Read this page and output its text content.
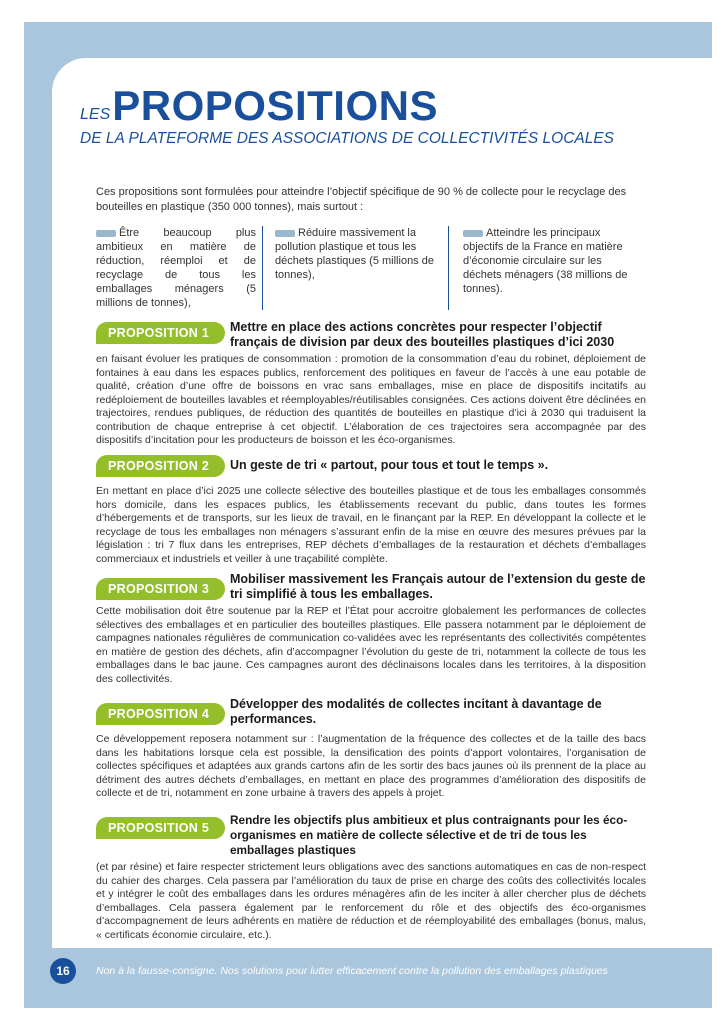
LES PROPOSITIONS
DE LA PLATEFORME DES ASSOCIATIONS DE COLLECTIVITÉS LOCALES

Ces propositions sont formulées pour atteindre l’objectif spécifique de 90 % de collecte pour le recyclage des bouteilles en plastique (350 000 tonnes), mais surtout :

Être beaucoup plus ambitieux en matière de réduction, réemploi et de recyclage de tous les emballages ménagers (5 millions de tonnes),
Réduire massivement la pollution plastique et tous les déchets plastiques (5 millions de tonnes),
Atteindre les principaux objectifs de la France en matière d’économie circulaire sur les déchets ménagers (38 millions de tonnes).
PROPOSITION 1	Mettre en place des actions concrètes pour respecter l’objectif français de division par deux des bouteilles plastiques d’ici 2030

en faisant évoluer les pratiques de consommation : promotion de la consommation d’eau du robinet, déploiement de fontaines à eau dans les espaces publics, renforcement des politiques en faveur de l’accès à une eau potable de qualité, création d’une offre de boissons en vrac sans emballages, mise en place de dispositifs incitatifs au redéploiement de bouteilles lavables et réemployables/réutilisables consignées. Ces actions doivent être déclinées en trajectoires, rendues publiques, de réduction des quantités de bouteilles en plastique d’ici à 2030 qui traduisent la contribution de chaque entreprise à cet objectif. L’élaboration de ces trajectoires sera accompagnée par des dispositifs d’incitation pour les producteurs de boisson et les éco-organismes.

PROPOSITION 2	Un geste de tri « partout, pour tous et tout le temps ».

En mettant en place d’ici 2025 une collecte sélective des bouteilles plastique et de tous les emballages consommés hors domicile, dans les espaces publics, les établissements recevant du public, dans toutes les formes d’hébergements et de transports, sur les lieux de travail, en le finançant par la REP. En développant la collecte et le recyclage de tous les emballages non ménagers s’assurant enfin de la mise en œuvre des mesures prévues par la législation : tri 7 flux dans les entreprises, REP déchets d’emballages de la restauration et déchets d’emballages commerciaux et industriels et veiller à une traçabilité complète.

PROPOSITION 3
Mobiliser massivement les Français autour de l’extension du geste de tri simplifié à tous les emballages.

Cette mobilisation doit être soutenue par la REP et l’État pour accroitre globalement les performances de collectes sélectives des emballages et en particulier des bouteilles plastiques. Elle passera notamment par le déploiement de campagnes nationales régulières de communication co-validées avec les représentants des collectivités compétentes en matière de gestion des déchets, afin d’accompagner l’évolution du geste de tri, notamment la collecte de tous les emballages dans le bac jaune. Ces campagnes auront des déclinaisons locales dans les territoires, à la disposition des collectivités.

PROPOSITION 4
Développer des modalités de collectes incitant à davantage de performances.

Ce développement reposera notamment sur : l’augmentation de la fréquence des collectes et de la taille des bacs dans les habitations lorsque cela est possible, la densification des points d’apport volontaires, l’organisation de collectes spécifiques et adaptées aux grands cartons afin de les sortir des bacs jaunes où ils prennent de la place au détriment des autres déchets d’emballages, en mettant en place des programmes d’amélioration des dispositifs de collecte et de tri, notamment en zone urbaine à travers des appels à projet.

PROPOSITION 5
Rendre les objectifs plus ambitieux et plus contraignants pour les éco-organismes en matière de collecte sélective et de tri de tous les emballages plastiques

(et par résine) et faire respecter strictement leurs obligations avec des sanctions automatiques en cas de non-respect du cahier des charges. Cela passera par l’amélioration du taux de prise en charge des coûts des collectivités locales et y intégrer le coût des emballages dans les ordures ménagères afin de les inciter à aller chercher plus de déchets d’emballages. Cela passera également par le renforcement du rôle et des objectifs des éco-organismes d’accompagnement de leurs adhérents en matière de réduction et de réemployabilité des emballages (bonus, malus, « certificats économie circulaire, etc.).

16	Non à la fausse-consigne. Nos solutions pour lutter efficacement contre la pollution des emballages plastiques
